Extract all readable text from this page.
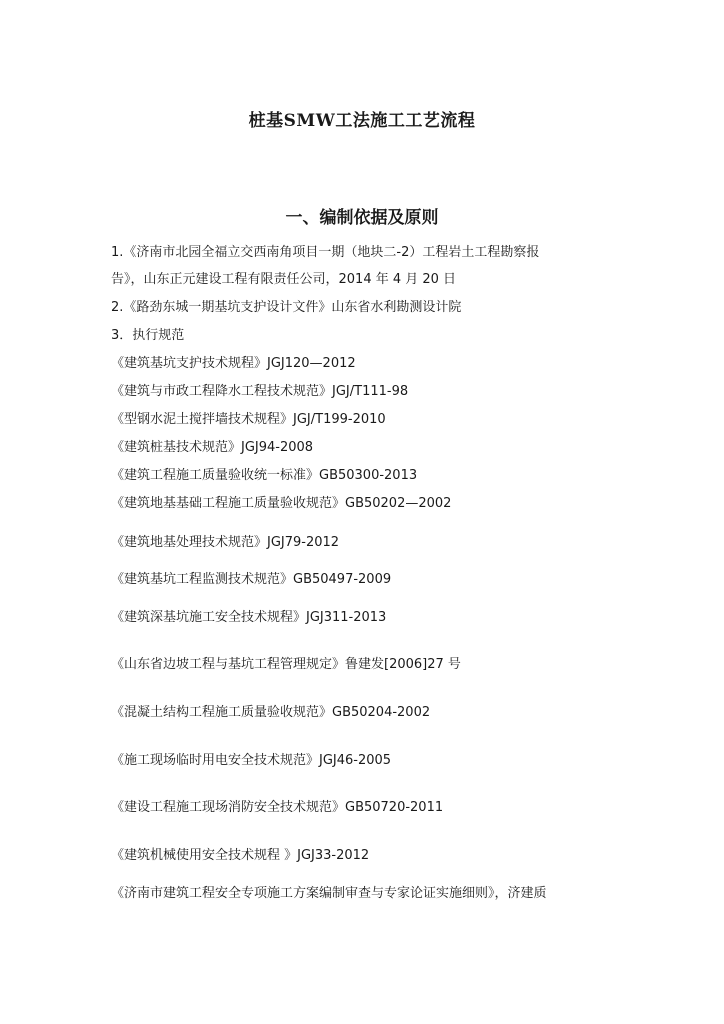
桩基SMW工法施工工艺流程
一、编制依据及原则
1.《济南市北园全福立交西南角项目一期（地块二-2）工程岩土工程勘察报
告》，山东正元建设工程有限责任公司，2014 年 4 月 20 日
2.《路劲东城一期基坑支护设计文件》山东省水利勘测设计院
3．执行规范
《建筑基坑支护技术规程》JGJ120—2012
《建筑与市政工程降水工程技术规范》JGJ/T111-98
《型钢水泥土搅拌墙技术规程》JGJ/T199-2010
《建筑桩基技术规范》JGJ94-2008
《建筑工程施工质量验收统一标准》GB50300-2013
《建筑地基基础工程施工质量验收规范》GB50202—2002
《建筑地基处理技术规范》JGJ79-2012
《建筑基坑工程监测技术规范》GB50497-2009
《建筑深基坑施工安全技术规程》JGJ311-2013
《山东省边坡工程与基坑工程管理规定》鲁建发[2006]27 号
《混凝土结构工程施工质量验收规范》GB50204-2002
《施工现场临时用电安全技术规范》JGJ46-2005
《建设工程施工现场消防安全技术规范》GB50720-2011
《建筑机械使用安全技术规程 》JGJ33-2012
《济南市建筑工程安全专项施工方案编制审查与专家论证实施细则》，济建质
